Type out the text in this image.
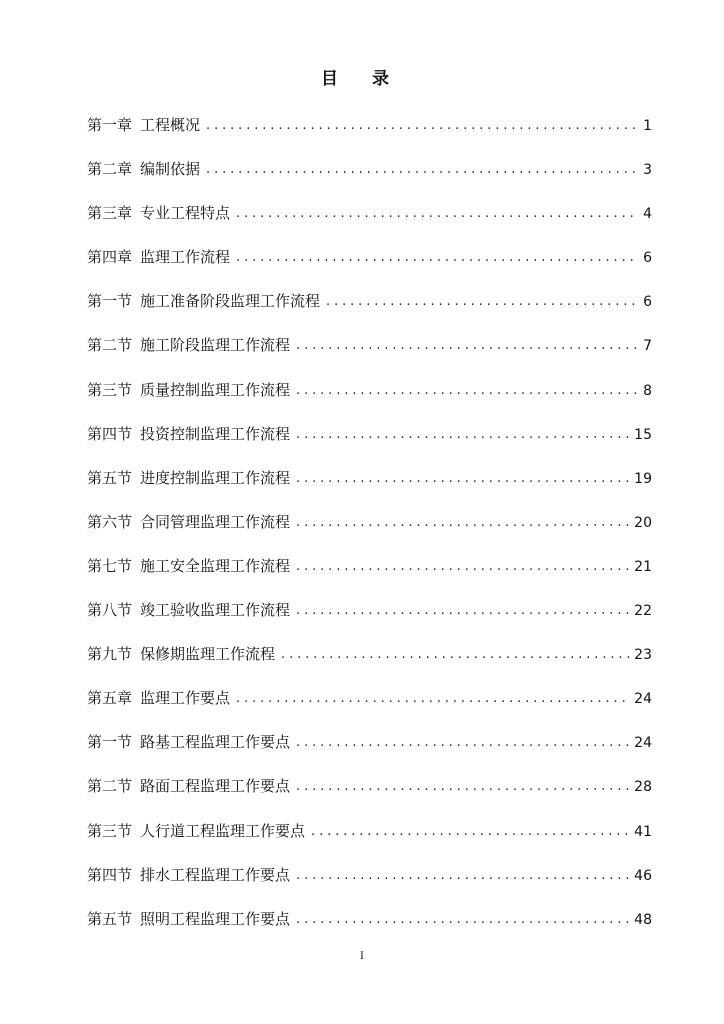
目 录
第一章 工程概况 .....	1
第二章 编制依据 .....	3
第三章 专业工程特点 .....	4
第四章 监理工作流程 .....	6
第一节 施工准备阶段监理工作流程 .....	6
第二节 施工阶段监理工作流程 .....	7
第三节 质量控制监理工作流程 .....	8
第四节 投资控制监理工作流程 .....	15
第五节 进度控制监理工作流程 .....	19
第六节 合同管理监理工作流程 .....	20
第七节 施工安全监理工作流程 .....	21
第八节 竣工验收监理工作流程 .....	22
第九节 保修期监理工作流程 .....	23
第五章 监理工作要点 .....	24
第一节 路基工程监理工作要点 .....	24
第二节 路面工程监理工作要点 .....	28
第三节 人行道工程监理工作要点 .....	41
第四节 排水工程监理工作要点 .....	46
第五节 照明工程监理工作要点 .....	48
I
